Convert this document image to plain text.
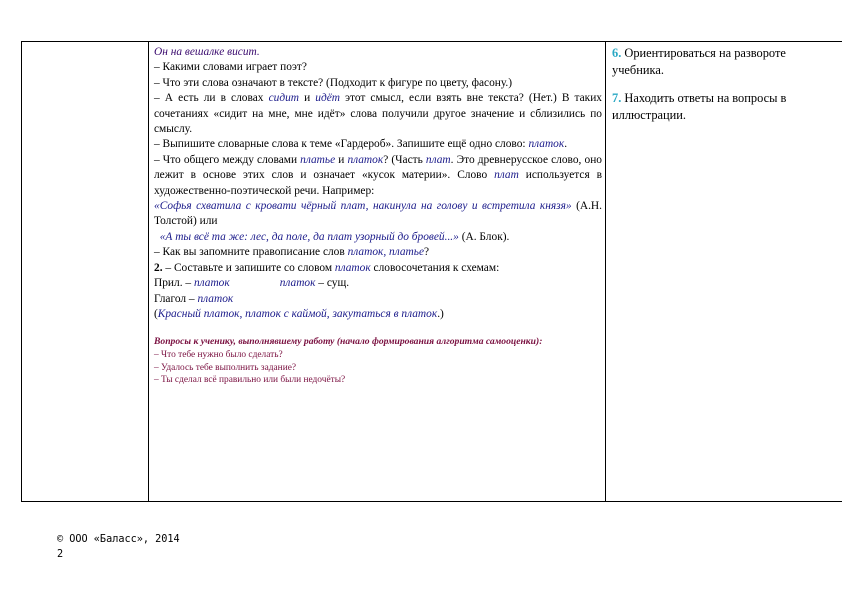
Он на вешалке висит.

– Какими словами играет поэт?

– Что эти слова означают в тексте? (Подходит к фигуре по цвету, фасону.)

– А есть ли в словах сидит и идёт этот смысл, если взять вне текста? (Нет.) В таких сочетаниях «сидит на мне, мне идёт» слова получили другое значение и сблизились по смыслу.

– Выпишите словарные слова к теме «Гардероб». Запишите ещё одно слово: платок.

– Что общего между словами платье и платок? (Часть плат. Это древнерусское слово, оно лежит в основе этих слов и означает «кусок материи». Слово плат используется в художественно-поэтической речи. Например:

«Софья схватила с кровати чёрный плат, накинула на голову и встретила князя» (А.Н. Толстой) или

«А ты всё та же: лес, да поле, да плат узорный до бровей...» (А. Блок).

– Как вы запомните правописание слов платок, платье?

2. – Составьте и запишите со словом платок словосочетания к схемам:

Прил. – платок	платок – сущ.

Глагол – платок

(Красный платок, платок с каймой, закутаться в платок.)

Вопросы к ученику, выполнявшему работу (начало формирования алгоритма самооценки):

– Что тебе нужно было сделать?

– Удалось тебе выполнить задание?

– Ты сделал всё правильно или были недочёты?

6. Ориентироваться на развороте учебника.

7. Находить ответы на вопросы в иллюстрации.

© ООО «Баласс», 2014
2
